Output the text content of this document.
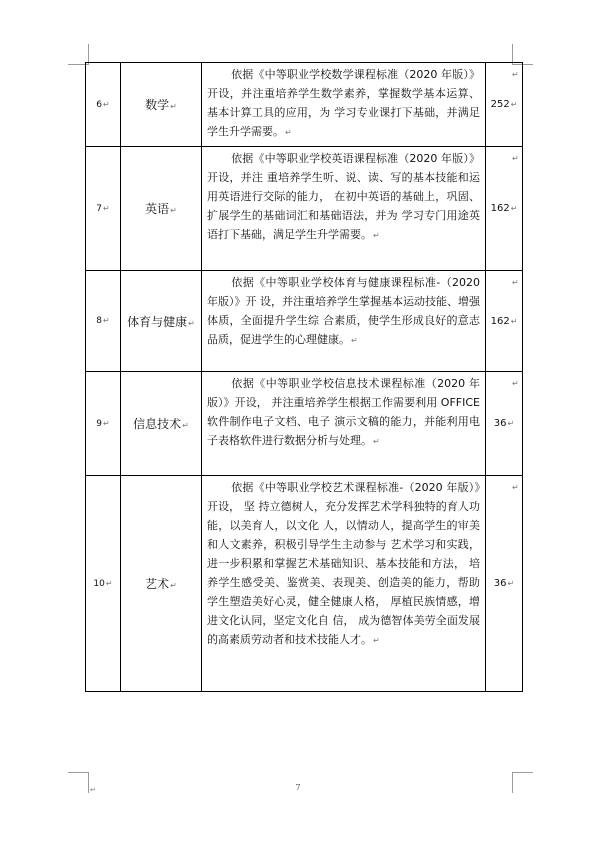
6↵	数学↵	依据《中等职业学校数学课程标准（2020 年版）》开设，并注重培养学生数学素养，掌握数学基本运算、基本计算工具的应用，为 学习专业课打下基础，并满足学生升学需要。↵	252↵
7↵	英语↵	依据《中等职业学校英语课程标准（2020 年版）》开设，并注 重培养学生听、说、读、写的基本技能和运用英语进行交际的能力， 在初中英语的基础上，巩固、扩展学生的基础词汇和基础语法，并为 学习专门用途英语打下基础，满足学生升学需要。↵	162↵
8↵	体育与健康↵	依据《中等职业学校体育与健康课程标准-（2020 年版）》开 设，并注重培养学生掌握基本运动技能、增强体质，全面提升学生综 合素质，使学生形成良好的意志品质，促进学生的心理健康。↵	162↵
9↵	信息技术↵	依据《中等职业学校信息技术课程标准（2020 年版）》开设， 并注重培养学生根据工作需要利用 OFFICE 软件制作电子文档、电子 演示文稿的能力，并能利用电子表格软件进行数据分析与处理。↵	36↵
10↵	艺术↵	依据《中等职业学校艺术课程标准-（2020 年版）》开设， 坚 持立德树人，充分发挥艺术学科独特的育人功能，以美育人，以文化 人，以情动人，提高学生的审美和人文素养，积极引导学生主动参与 艺术学习和实践，进一步积累和掌握艺术基础知识、基本技能和方法， 培养学生感受美、鉴赏美、表现美、创造美的能力，帮助学生塑造美好心灵，健全健康人格， 厚植民族情感，增进文化认同，坚定文化自 信， 成为德智体美劳全面发展的高素质劳动者和技术技能人才。↵	36↵
↵
↵
↵
↵
↵
↵	7
